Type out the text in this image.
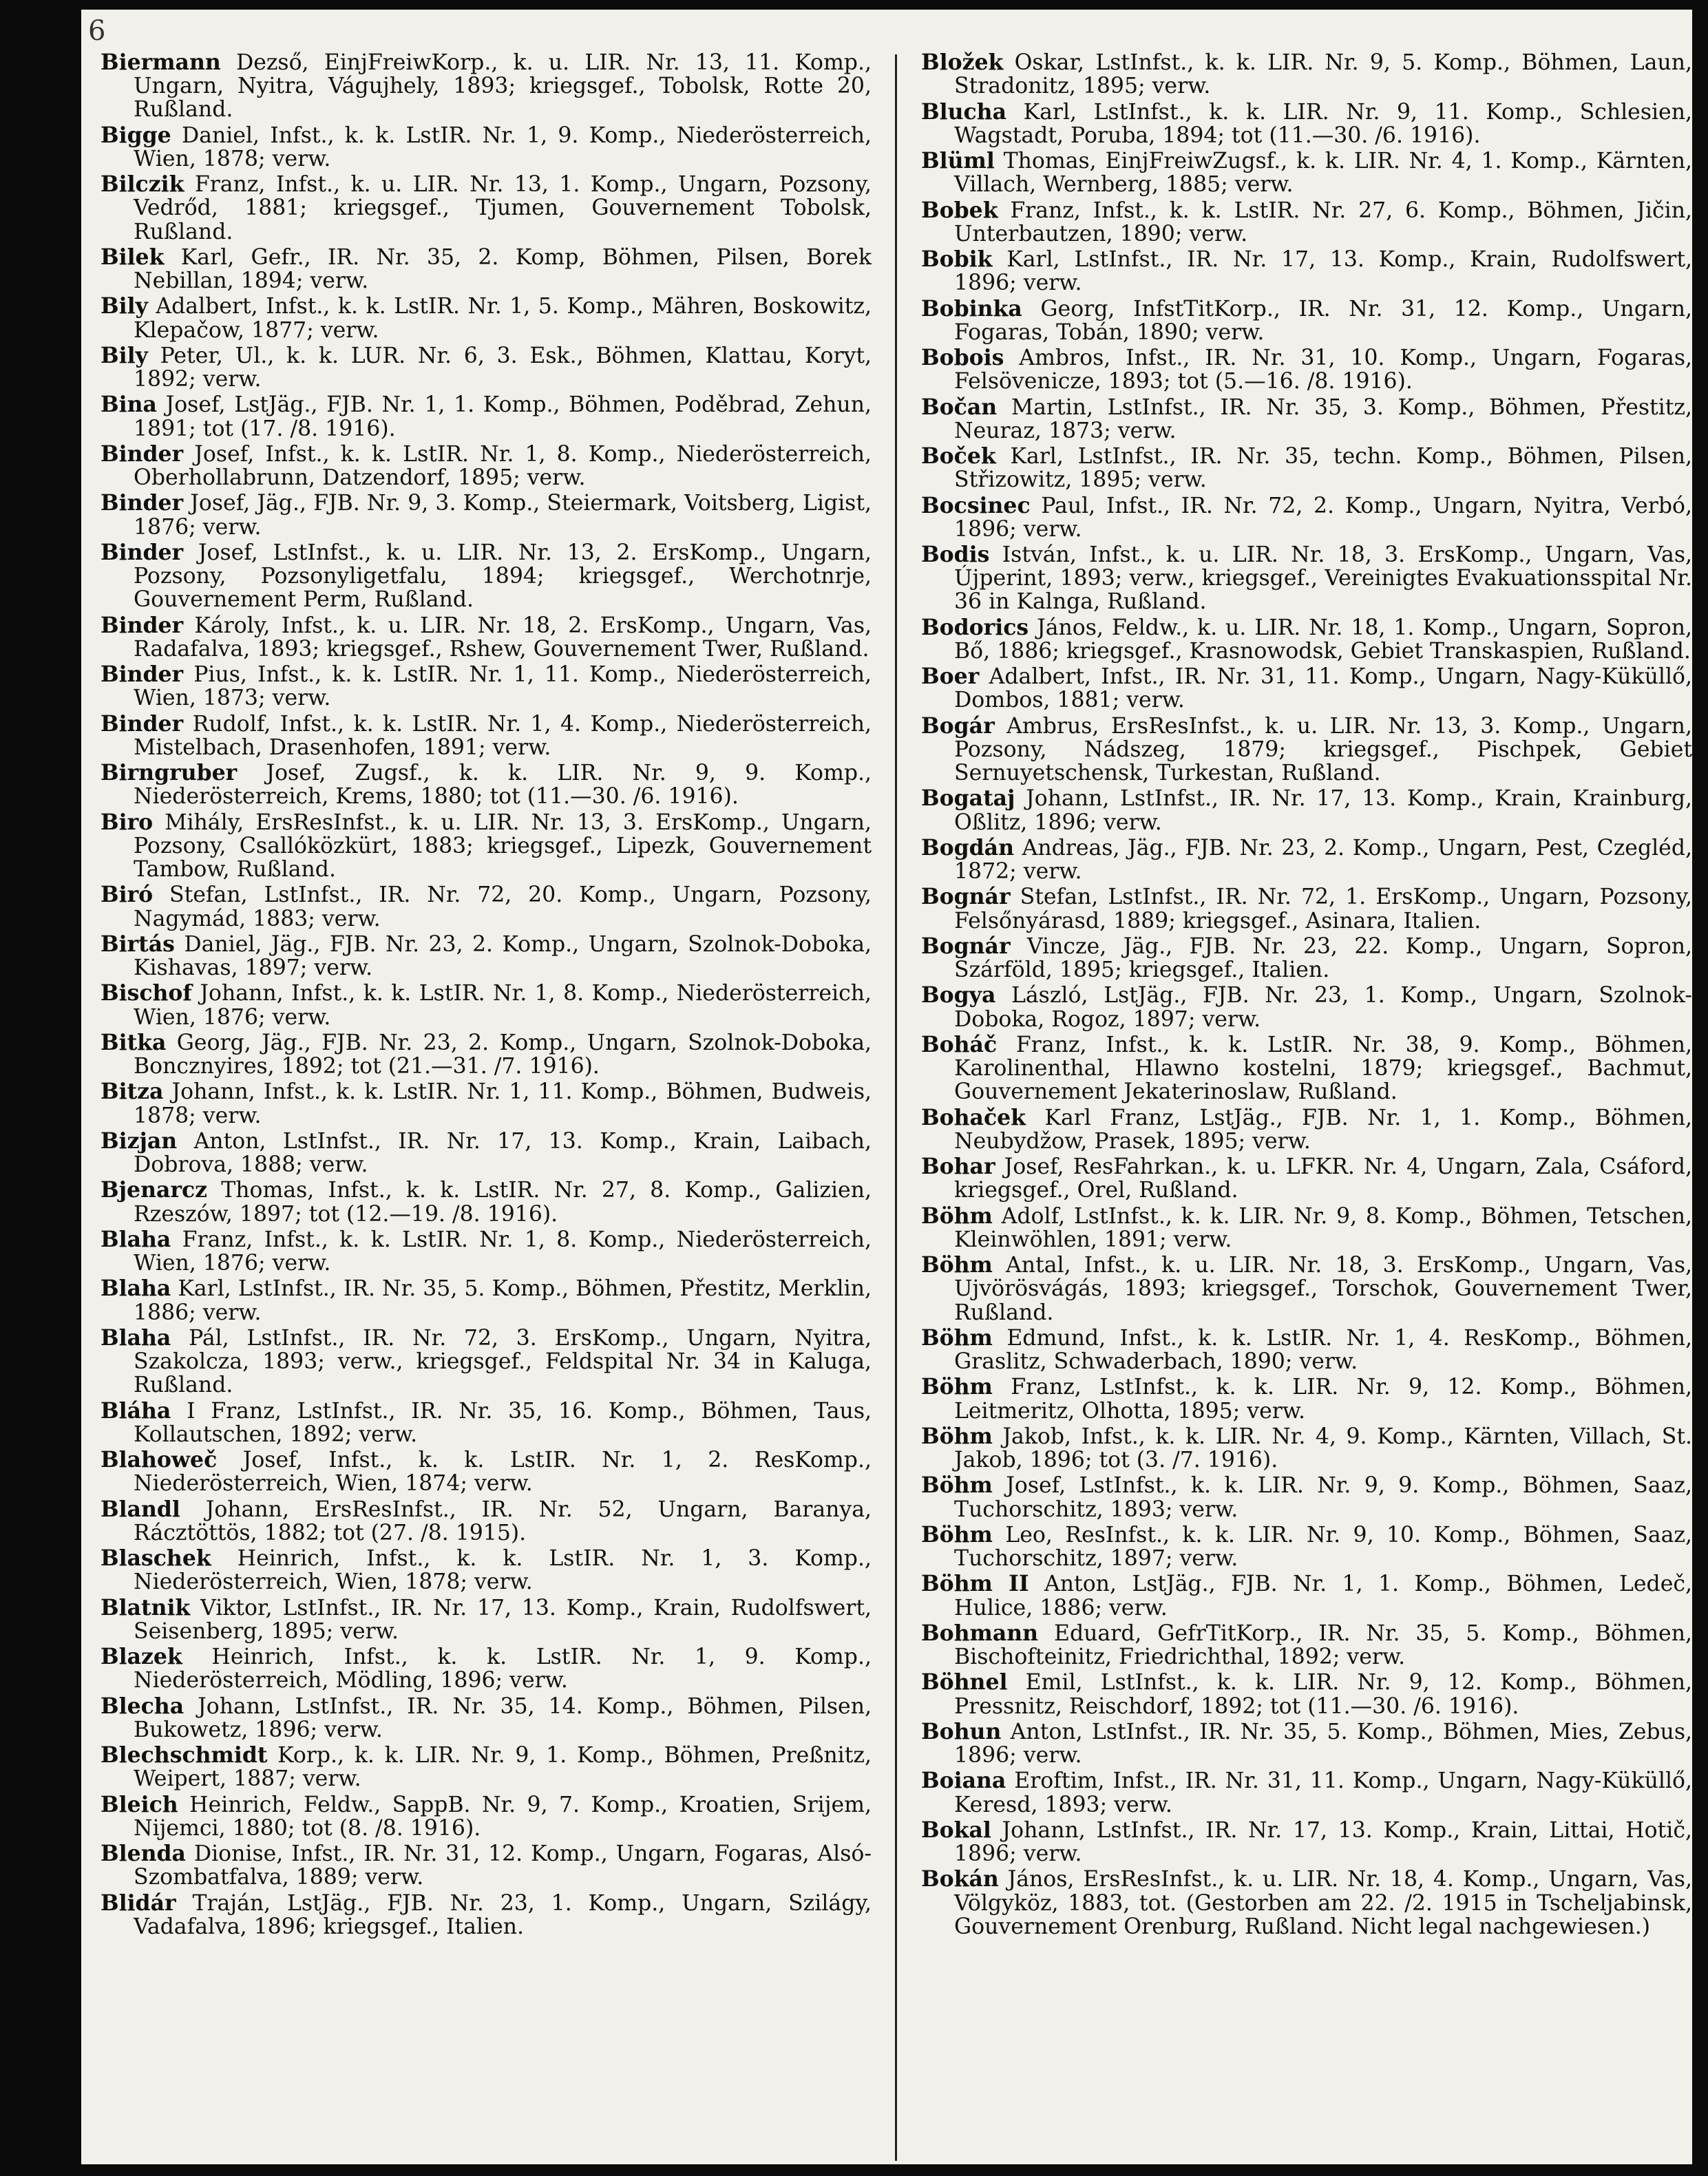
6
Biermann Dezső, EinjFreiwKorp., k. u. LIR. Nr. 13, 11. Komp., Ungarn, Nyitra, Vágujhely, 1893; kriegsgef., Tobolsk, Rotte 20, Rußland.
Bigge Daniel, Infst., k. k. LstIR. Nr. 1, 9. Komp., Niederösterreich, Wien, 1878; verw.
Bilczik Franz, Infst., k. u. LIR. Nr. 13, 1. Komp., Ungarn, Pozsony, Vedrőd, 1881; kriegsgef., Tjumen, Gouvernement Tobolsk, Rußland.
Bilek Karl, Gefr., IR. Nr. 35, 2. Komp, Böhmen, Pilsen, Borek Nebillan, 1894; verw.
Bily Adalbert, Infst., k. k. LstIR. Nr. 1, 5. Komp., Mähren, Boskowitz, Klepačow, 1877; verw.
Bily Peter, Ul., k. k. LUR. Nr. 6, 3. Esk., Böhmen, Klattau, Koryt, 1892; verw.
Bina Josef, LstJäg., FJB. Nr. 1, 1. Komp., Böhmen, Poděbrad, Zehun, 1891; tot (17. /8. 1916).
Binder Josef, Infst., k. k. LstIR. Nr. 1, 8. Komp., Niederösterreich, Oberhollabrunn, Datzendorf, 1895; verw.
Binder Josef, Jäg., FJB. Nr. 9, 3. Komp., Steiermark, Voitsberg, Ligist, 1876; verw.
Binder Josef, LstInfst., k. u. LIR. Nr. 13, 2. ErsKomp., Ungarn, Pozsony, Pozsonyligetfalu, 1894; kriegsgef., Werchotnrje, Gouvernement Perm, Rußland.
Binder Károly, Infst., k. u. LIR. Nr. 18, 2. ErsKomp., Ungarn, Vas, Radafalva, 1893; kriegsgef., Rshew, Gouvernement Twer, Rußland.
Binder Pius, Infst., k. k. LstIR. Nr. 1, 11. Komp., Niederösterreich, Wien, 1873; verw.
Binder Rudolf, Infst., k. k. LstIR. Nr. 1, 4. Komp., Niederösterreich, Mistelbach, Drasenhofen, 1891; verw.
Birngruber Josef, Zugsf., k. k. LIR. Nr. 9, 9. Komp., Niederösterreich, Krems, 1880; tot (11.—30. /6. 1916).
Biro Mihály, ErsResInfst., k. u. LIR. Nr. 13, 3. ErsKomp., Ungarn, Pozsony, Csallóközkürt, 1883; kriegsgef., Lipezk, Gouvernement Tambow, Rußland.
Biró Stefan, LstInfst., IR. Nr. 72, 20. Komp., Ungarn, Pozsony, Nagymád, 1883; verw.
Birtás Daniel, Jäg., FJB. Nr. 23, 2. Komp., Ungarn, Szolnok-Doboka, Kishavas, 1897; verw.
Bischof Johann, Infst., k. k. LstIR. Nr. 1, 8. Komp., Niederösterreich, Wien, 1876; verw.
Bitka Georg, Jäg., FJB. Nr. 23, 2. Komp., Ungarn, Szolnok-Doboka, Boncznyires, 1892; tot (21.—31. /7. 1916).
Bitza Johann, Infst., k. k. LstIR. Nr. 1, 11. Komp., Böhmen, Budweis, 1878; verw.
Bizjan Anton, LstInfst., IR. Nr. 17, 13. Komp., Krain, Laibach, Dobrova, 1888; verw.
Bjenarcz Thomas, Infst., k. k. LstIR. Nr. 27, 8. Komp., Galizien, Rzeszów, 1897; tot (12.—19. /8. 1916).
Blaha Franz, Infst., k. k. LstIR. Nr. 1, 8. Komp., Niederösterreich, Wien, 1876; verw.
Blaha Karl, LstInfst., IR. Nr. 35, 5. Komp., Böhmen, Přestitz, Merklin, 1886; verw.
Blaha Pál, LstInfst., IR. Nr. 72, 3. ErsKomp., Ungarn, Nyitra, Szakolcza, 1893; verw., kriegsgef., Feldspital Nr. 34 in Kaluga, Rußland.
Bláha I Franz, LstInfst., IR. Nr. 35, 16. Komp., Böhmen, Taus, Kollautschen, 1892; verw.
Blahoweč Josef, Infst., k. k. LstIR. Nr. 1, 2. ResKomp., Niederösterreich, Wien, 1874; verw.
Blandl Johann, ErsResInfst., IR. Nr. 52, Ungarn, Baranya, Rácztöttös, 1882; tot (27. /8. 1915).
Blaschek Heinrich, Infst., k. k. LstIR. Nr. 1, 3. Komp., Niederösterreich, Wien, 1878; verw.
Blatnik Viktor, LstInfst., IR. Nr. 17, 13. Komp., Krain, Rudolfswert, Seisenberg, 1895; verw.
Blazek Heinrich, Infst., k. k. LstIR. Nr. 1, 9. Komp., Niederösterreich, Mödling, 1896; verw.
Blecha Johann, LstInfst., IR. Nr. 35, 14. Komp., Böhmen, Pilsen, Bukowetz, 1896; verw.
Blechschmidt Korp., k. k. LIR. Nr. 9, 1. Komp., Böhmen, Preßnitz, Weipert, 1887; verw.
Bleich Heinrich, Feldw., SappB. Nr. 9, 7. Komp., Kroatien, Srijem, Nijemci, 1880; tot (8. /8. 1916).
Blenda Dionise, Infst., IR. Nr. 31, 12. Komp., Ungarn, Fogaras, Alsó-Szombatfalva, 1889; verw.
Blidár Traján, LstJäg., FJB. Nr. 23, 1. Komp., Ungarn, Szilágy, Vadafalva, 1896; kriegsgef., Italien.
Bložek Oskar, LstInfst., k. k. LIR. Nr. 9, 5. Komp., Böhmen, Laun, Stradonitz, 1895; verw.
Blucha Karl, LstInfst., k. k. LIR. Nr. 9, 11. Komp., Schlesien, Wagstadt, Poruba, 1894; tot (11.—30. /6. 1916).
Blüml Thomas, EinjFreiwZugsf., k. k. LIR. Nr. 4, 1. Komp., Kärnten, Villach, Wernberg, 1885; verw.
Bobek Franz, Infst., k. k. LstIR. Nr. 27, 6. Komp., Böhmen, Jičin, Unterbautzen, 1890; verw.
Bobik Karl, LstInfst., IR. Nr. 17, 13. Komp., Krain, Rudolfswert, 1896; verw.
Bobinka Georg, InfstTitKorp., IR. Nr. 31, 12. Komp., Ungarn, Fogaras, Tobán, 1890; verw.
Bobois Ambros, Infst., IR. Nr. 31, 10. Komp., Ungarn, Fogaras, Felsövenicze, 1893; tot (5.—16. /8. 1916).
Bočan Martin, LstInfst., IR. Nr. 35, 3. Komp., Böhmen, Přestitz, Neuraz, 1873; verw.
Boček Karl, LstInfst., IR. Nr. 35, techn. Komp., Böhmen, Pilsen, Střizowitz, 1895; verw.
Bocsinec Paul, Infst., IR. Nr. 72, 2. Komp., Ungarn, Nyitra, Verbó, 1896; verw.
Bodis István, Infst., k. u. LIR. Nr. 18, 3. ErsKomp., Ungarn, Vas, Újperint, 1893; verw., kriegsgef., Vereinigtes Evakuationsspital Nr. 36 in Kalnga, Rußland.
Bodorics János, Feldw., k. u. LIR. Nr. 18, 1. Komp., Ungarn, Sopron, Bő, 1886; kriegsgef., Krasnowodsk, Gebiet Transkaspien, Rußland.
Boer Adalbert, Infst., IR. Nr. 31, 11. Komp., Ungarn, Nagy-Küküllő, Dombos, 1881; verw.
Bogár Ambrus, ErsResInfst., k. u. LIR. Nr. 13, 3. Komp., Ungarn, Pozsony, Nádszeg, 1879; kriegsgef., Pischpek, Gebiet Sernuyetschensk, Turkestan, Rußland.
Bogataj Johann, LstInfst., IR. Nr. 17, 13. Komp., Krain, Krainburg, Oßlitz, 1896; verw.
Bogdán Andreas, Jäg., FJB. Nr. 23, 2. Komp., Ungarn, Pest, Czegléd, 1872; verw.
Bognár Stefan, LstInfst., IR. Nr. 72, 1. ErsKomp., Ungarn, Pozsony, Felsőnyárasd, 1889; kriegsgef., Asinara, Italien.
Bognár Vincze, Jäg., FJB. Nr. 23, 22. Komp., Ungarn, Sopron, Szárföld, 1895; kriegsgef., Italien.
Bogya László, LstJäg., FJB. Nr. 23, 1. Komp., Ungarn, Szolnok-Doboka, Rogoz, 1897; verw.
Boháč Franz, Infst., k. k. LstIR. Nr. 38, 9. Komp., Böhmen, Karolinenthal, Hlawno kostelni, 1879; kriegsgef., Bachmut, Gouvernement Jekaterinoslaw, Rußland.
Bohaček Karl Franz, LstJäg., FJB. Nr. 1, 1. Komp., Böhmen, Neubydžow, Prasek, 1895; verw.
Bohar Josef, ResFahrkan., k. u. LFKR. Nr. 4, Ungarn, Zala, Csáford, kriegsgef., Orel, Rußland.
Böhm Adolf, LstInfst., k. k. LIR. Nr. 9, 8. Komp., Böhmen, Tetschen, Kleinwöhlen, 1891; verw.
Böhm Antal, Infst., k. u. LIR. Nr. 18, 3. ErsKomp., Ungarn, Vas, Ujvörösvágás, 1893; kriegsgef., Torschok, Gouvernement Twer, Rußland.
Böhm Edmund, Infst., k. k. LstIR. Nr. 1, 4. ResKomp., Böhmen, Graslitz, Schwaderbach, 1890; verw.
Böhm Franz, LstInfst., k. k. LIR. Nr. 9, 12. Komp., Böhmen, Leitmeritz, Olhotta, 1895; verw.
Böhm Jakob, Infst., k. k. LIR. Nr. 4, 9. Komp., Kärnten, Villach, St. Jakob, 1896; tot (3. /7. 1916).
Böhm Josef, LstInfst., k. k. LIR. Nr. 9, 9. Komp., Böhmen, Saaz, Tuchorschitz, 1893; verw.
Böhm Leo, ResInfst., k. k. LIR. Nr. 9, 10. Komp., Böhmen, Saaz, Tuchorschitz, 1897; verw.
Böhm II Anton, LstJäg., FJB. Nr. 1, 1. Komp., Böhmen, Ledeč, Hulice, 1886; verw.
Bohmann Eduard, GefrTitKorp., IR. Nr. 35, 5. Komp., Böhmen, Bischofteinitz, Friedrichthal, 1892; verw.
Böhnel Emil, LstInfst., k. k. LIR. Nr. 9, 12. Komp., Böhmen, Pressnitz, Reischdorf, 1892; tot (11.—30. /6. 1916).
Bohun Anton, LstInfst., IR. Nr. 35, 5. Komp., Böhmen, Mies, Zebus, 1896; verw.
Boiana Eroftim, Infst., IR. Nr. 31, 11. Komp., Ungarn, Nagy-Küküllő, Keresd, 1893; verw.
Bokal Johann, LstInfst., IR. Nr. 17, 13. Komp., Krain, Littai, Hotič, 1896; verw.
Bokán János, ErsResInfst., k. u. LIR. Nr. 18, 4. Komp., Ungarn, Vas, Völgyköz, 1883, tot. (Gestorben am 22. /2. 1915 in Tscheljabinsk, Gouvernement Orenburg, Rußland. Nicht legal nachgewiesen.)
